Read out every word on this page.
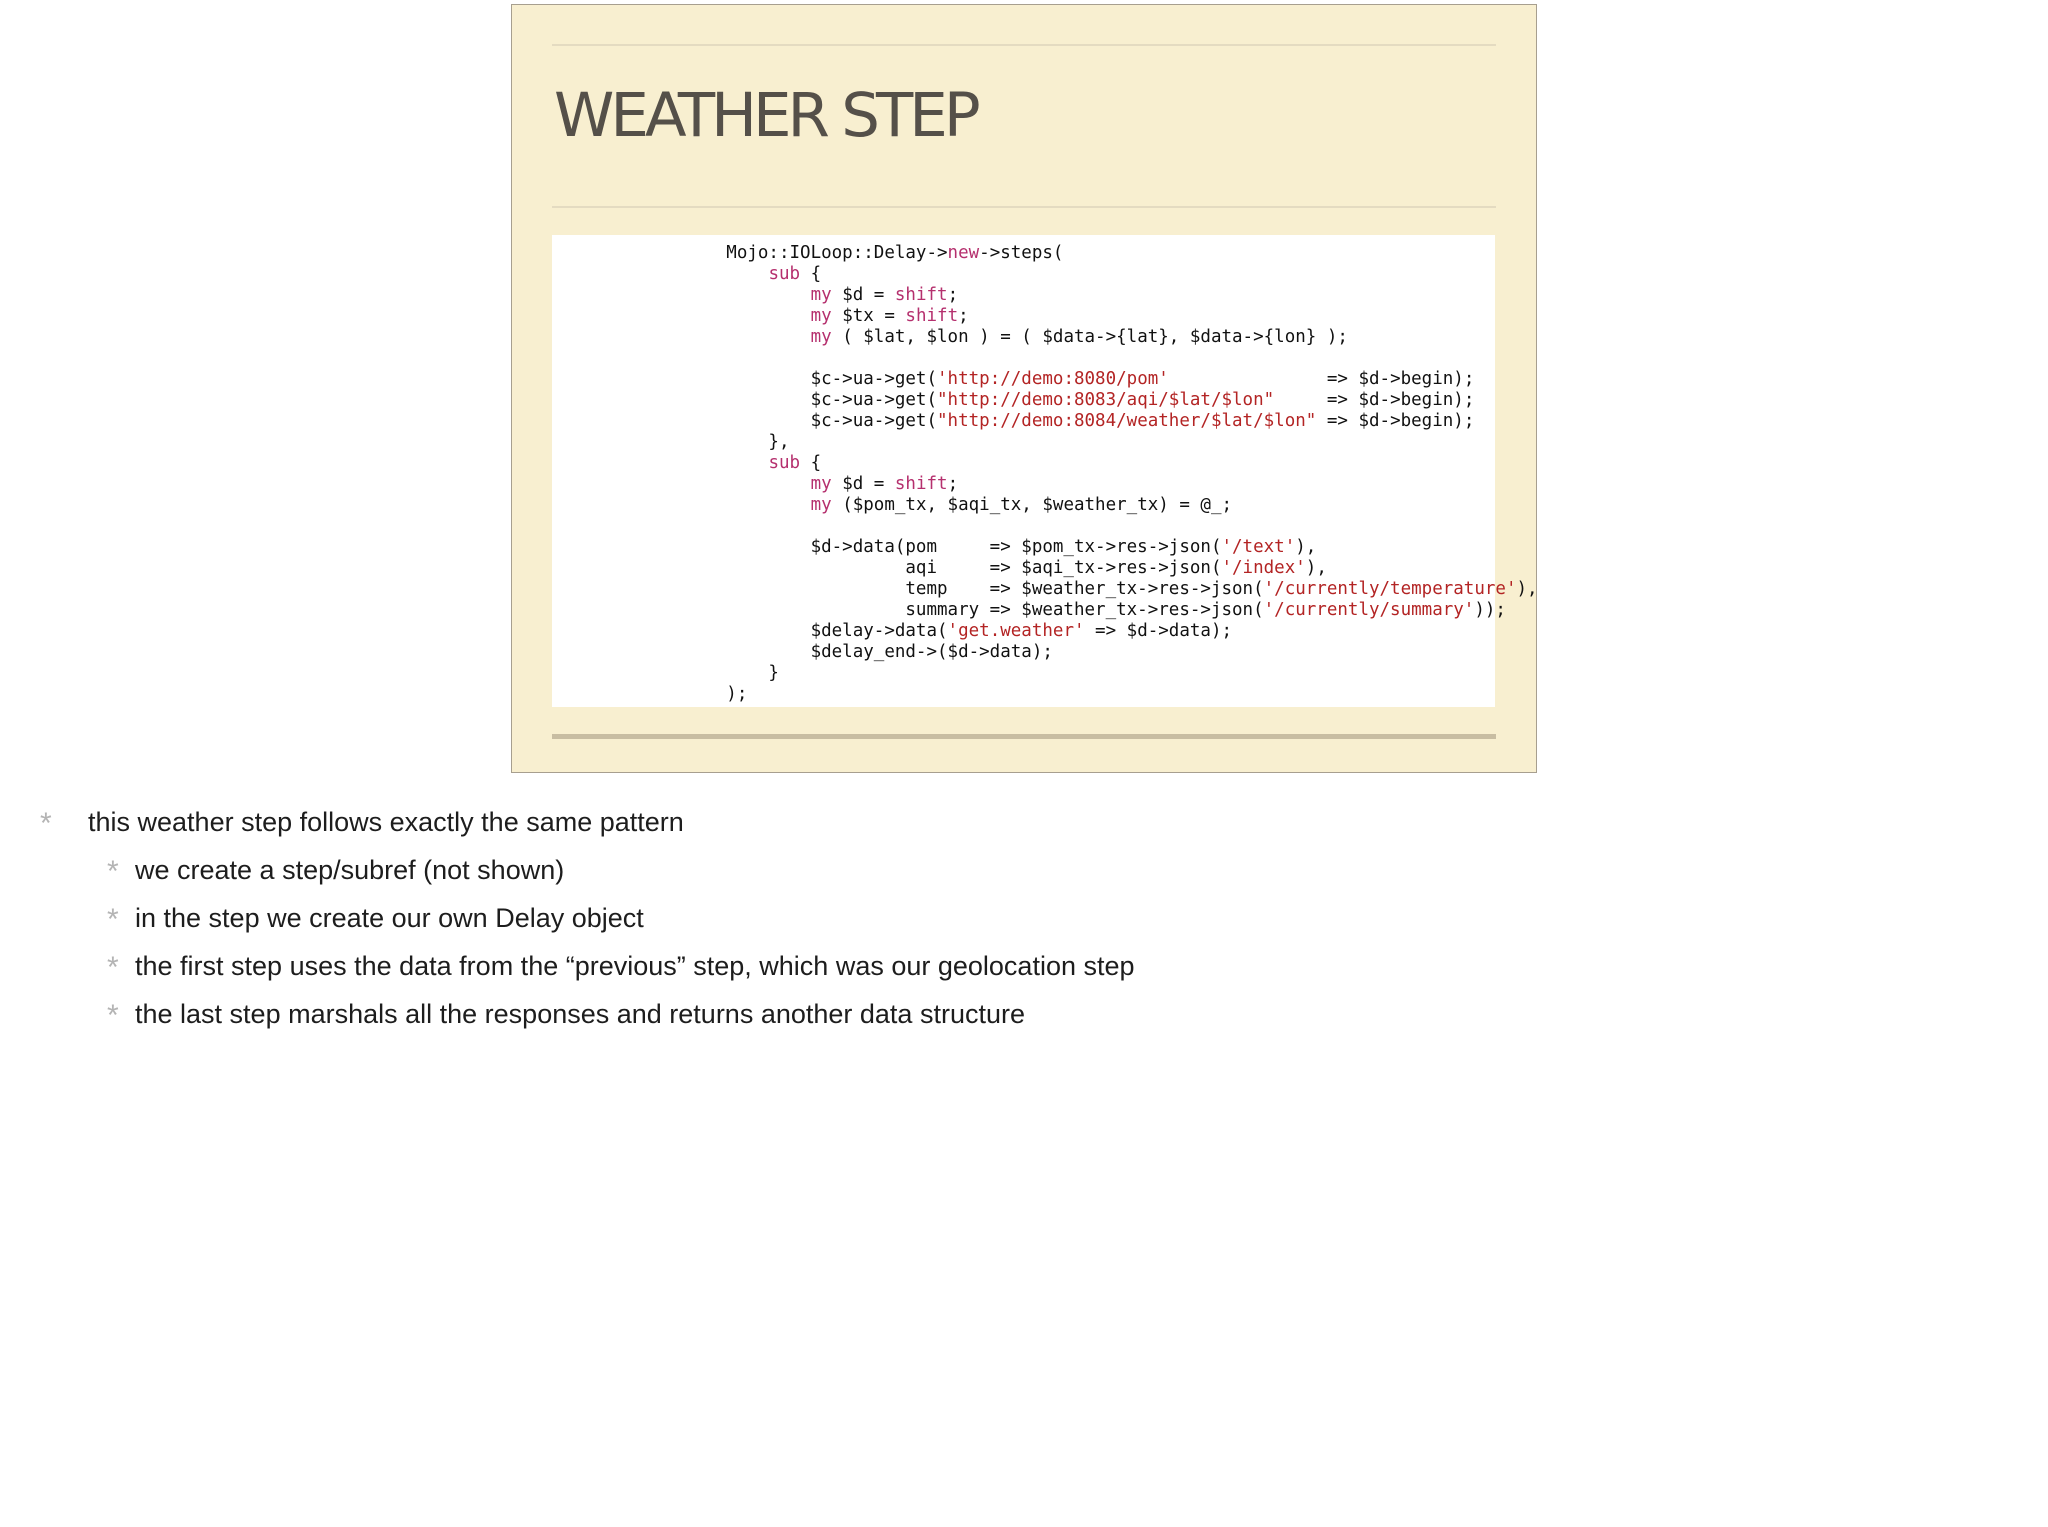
WEATHER STEP
Mojo::IOLoop::Delay->new->steps(
sub {
my $d = shift;
my $tx = shift;
my ( $lat, $lon ) = ( $data->{lat}, $data->{lon} );

$c->ua->get('http://demo:8080/pom'               => $d->begin);
$c->ua->get("http://demo:8083/aqi/$lat/$lon"     => $d->begin);
$c->ua->get("http://demo:8084/weather/$lat/$lon" => $d->begin);
},
sub {
my $d = shift;
my ($pom_tx, $aqi_tx, $weather_tx) = @_;

$d->data(pom     => $pom_tx->res->json('/text'),
aqi     => $aqi_tx->res->json('/index'),
temp    => $weather_tx->res->json('/currently/temperature'),
summary => $weather_tx->res->json('/currently/summary'));
$delay->data('get.weather' => $d->data);
$delay_end->($d->data);
}
);
* this weather step follows exactly the same pattern
* we create a step/subref (not shown)
* in the step we create our own Delay object
* the first step uses the data from the “previous” step, which was our geolocation step
* the last step marshals all the responses and returns another data structure
